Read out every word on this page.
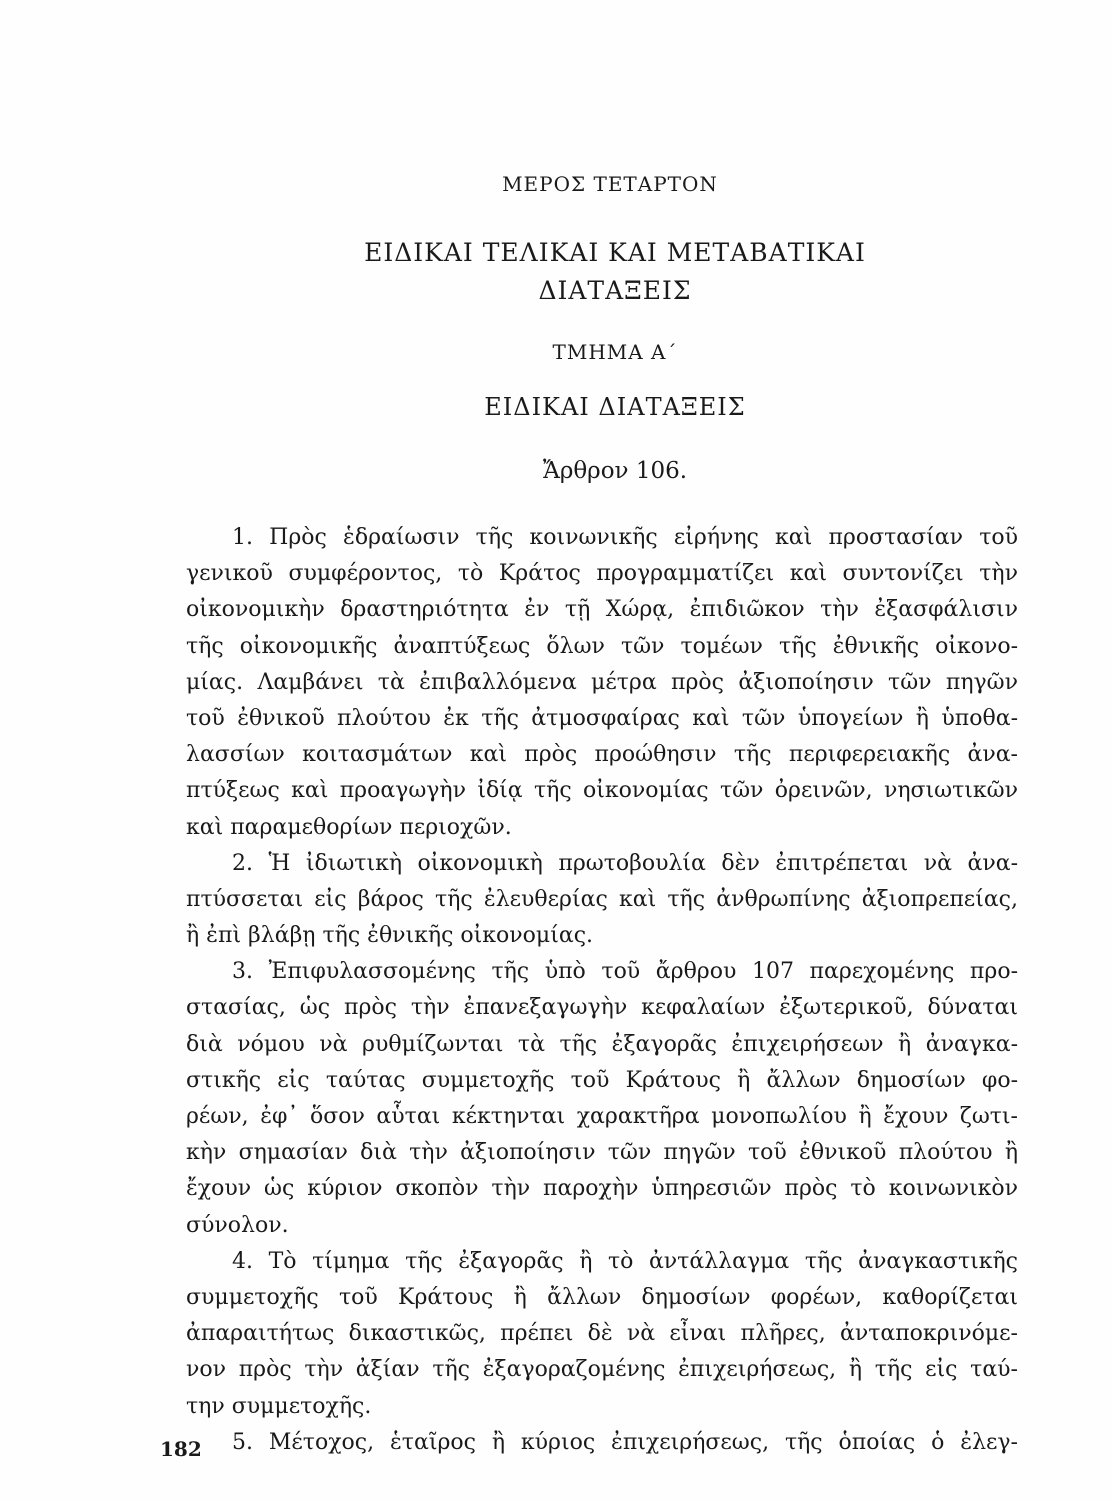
ΜΕΡΟΣ ΤΕΤΑΡΤΟΝ
ΕΙΔΙΚΑΙ ΤΕΛΙΚΑΙ ΚΑΙ ΜΕΤΑΒΑΤΙΚΑΙ
ΔΙΑΤΑΞΕΙΣ
ΤΜΗΜΑ Α΄
ΕΙΔΙΚΑΙ ΔΙΑΤΑΞΕΙΣ
Ἄρθρον 106.
1. Πρὸς ἑδραίωσιν τῆς κοινωνικῆς εἰρήνης καὶ προστασίαν τοῦ
γενικοῦ συμφέροντος, τὸ Κράτος προγραμματίζει καὶ συντονίζει τὴν
οἰκονομικὴν δραστηριότητα ἐν τῇ Χώρᾳ, ἐπιδιῶκον τὴν ἐξασφάλισιν
τῆς οἰκονομικῆς ἀναπτύξεως ὅλων τῶν τομέων τῆς ἐθνικῆς οἰκονο-
μίας. Λαμβάνει τὰ ἐπιβαλλόμενα μέτρα πρὸς ἀξιοποίησιν τῶν πηγῶν
τοῦ ἐθνικοῦ πλούτου ἐκ τῆς ἀτμοσφαίρας καὶ τῶν ὑπογείων ἢ ὑποθα-
λασσίων κοιτασμάτων καὶ πρὸς προώθησιν τῆς περιφερειακῆς ἀνα-
πτύξεως καὶ προαγωγὴν ἰδίᾳ τῆς οἰκονομίας τῶν ὀρεινῶν, νησιωτικῶν
καὶ παραμεθορίων περιοχῶν.
2. Ἡ ἰδιωτικὴ οἰκονομικὴ πρωτοβουλία δὲν ἐπιτρέπεται νὰ ἀνα-
πτύσσεται εἰς βάρος τῆς ἐλευθερίας καὶ τῆς ἀνθρωπίνης ἀξιοπρεπείας,
ἢ ἐπὶ βλάβῃ τῆς ἐθνικῆς οἰκονομίας.
3. Ἐπιφυλασσομένης τῆς ὑπὸ τοῦ ἄρθρου 107 παρεχομένης προ-
στασίας, ὡς πρὸς τὴν ἐπανεξαγωγὴν κεφαλαίων ἐξωτερικοῦ, δύναται
διὰ νόμου νὰ ρυθμίζωνται τὰ τῆς ἐξαγορᾶς ἐπιχειρήσεων ἢ ἀναγκα-
στικῆς εἰς ταύτας συμμετοχῆς τοῦ Κράτους ἢ ἄλλων δημοσίων φο-
ρέων, ἐφ᾽ ὅσον αὗται κέκτηνται χαρακτῆρα μονοπωλίου ἢ ἔχουν ζωτι-
κὴν σημασίαν διὰ τὴν ἀξιοποίησιν τῶν πηγῶν τοῦ ἐθνικοῦ πλούτου ἢ
ἔχουν ὡς κύριον σκοπὸν τὴν παροχὴν ὑπηρεσιῶν πρὸς τὸ κοινωνικὸν
σύνολον.
4. Τὸ τίμημα τῆς ἐξαγορᾶς ἢ τὸ ἀντάλλαγμα τῆς ἀναγκαστικῆς
συμμετοχῆς τοῦ Κράτους ἢ ἄλλων δημοσίων φορέων, καθορίζεται
ἀπαραιτήτως δικαστικῶς, πρέπει δὲ νὰ εἶναι πλῆρες, ἀνταποκρινόμε-
νον πρὸς τὴν ἀξίαν τῆς ἐξαγοραζομένης ἐπιχειρήσεως, ἢ τῆς εἰς ταύ-
την συμμετοχῆς.
5. Μέτοχος, ἑταῖρος ἢ κύριος ἐπιχειρήσεως, τῆς ὁποίας ὁ ἐλεγ-
182
